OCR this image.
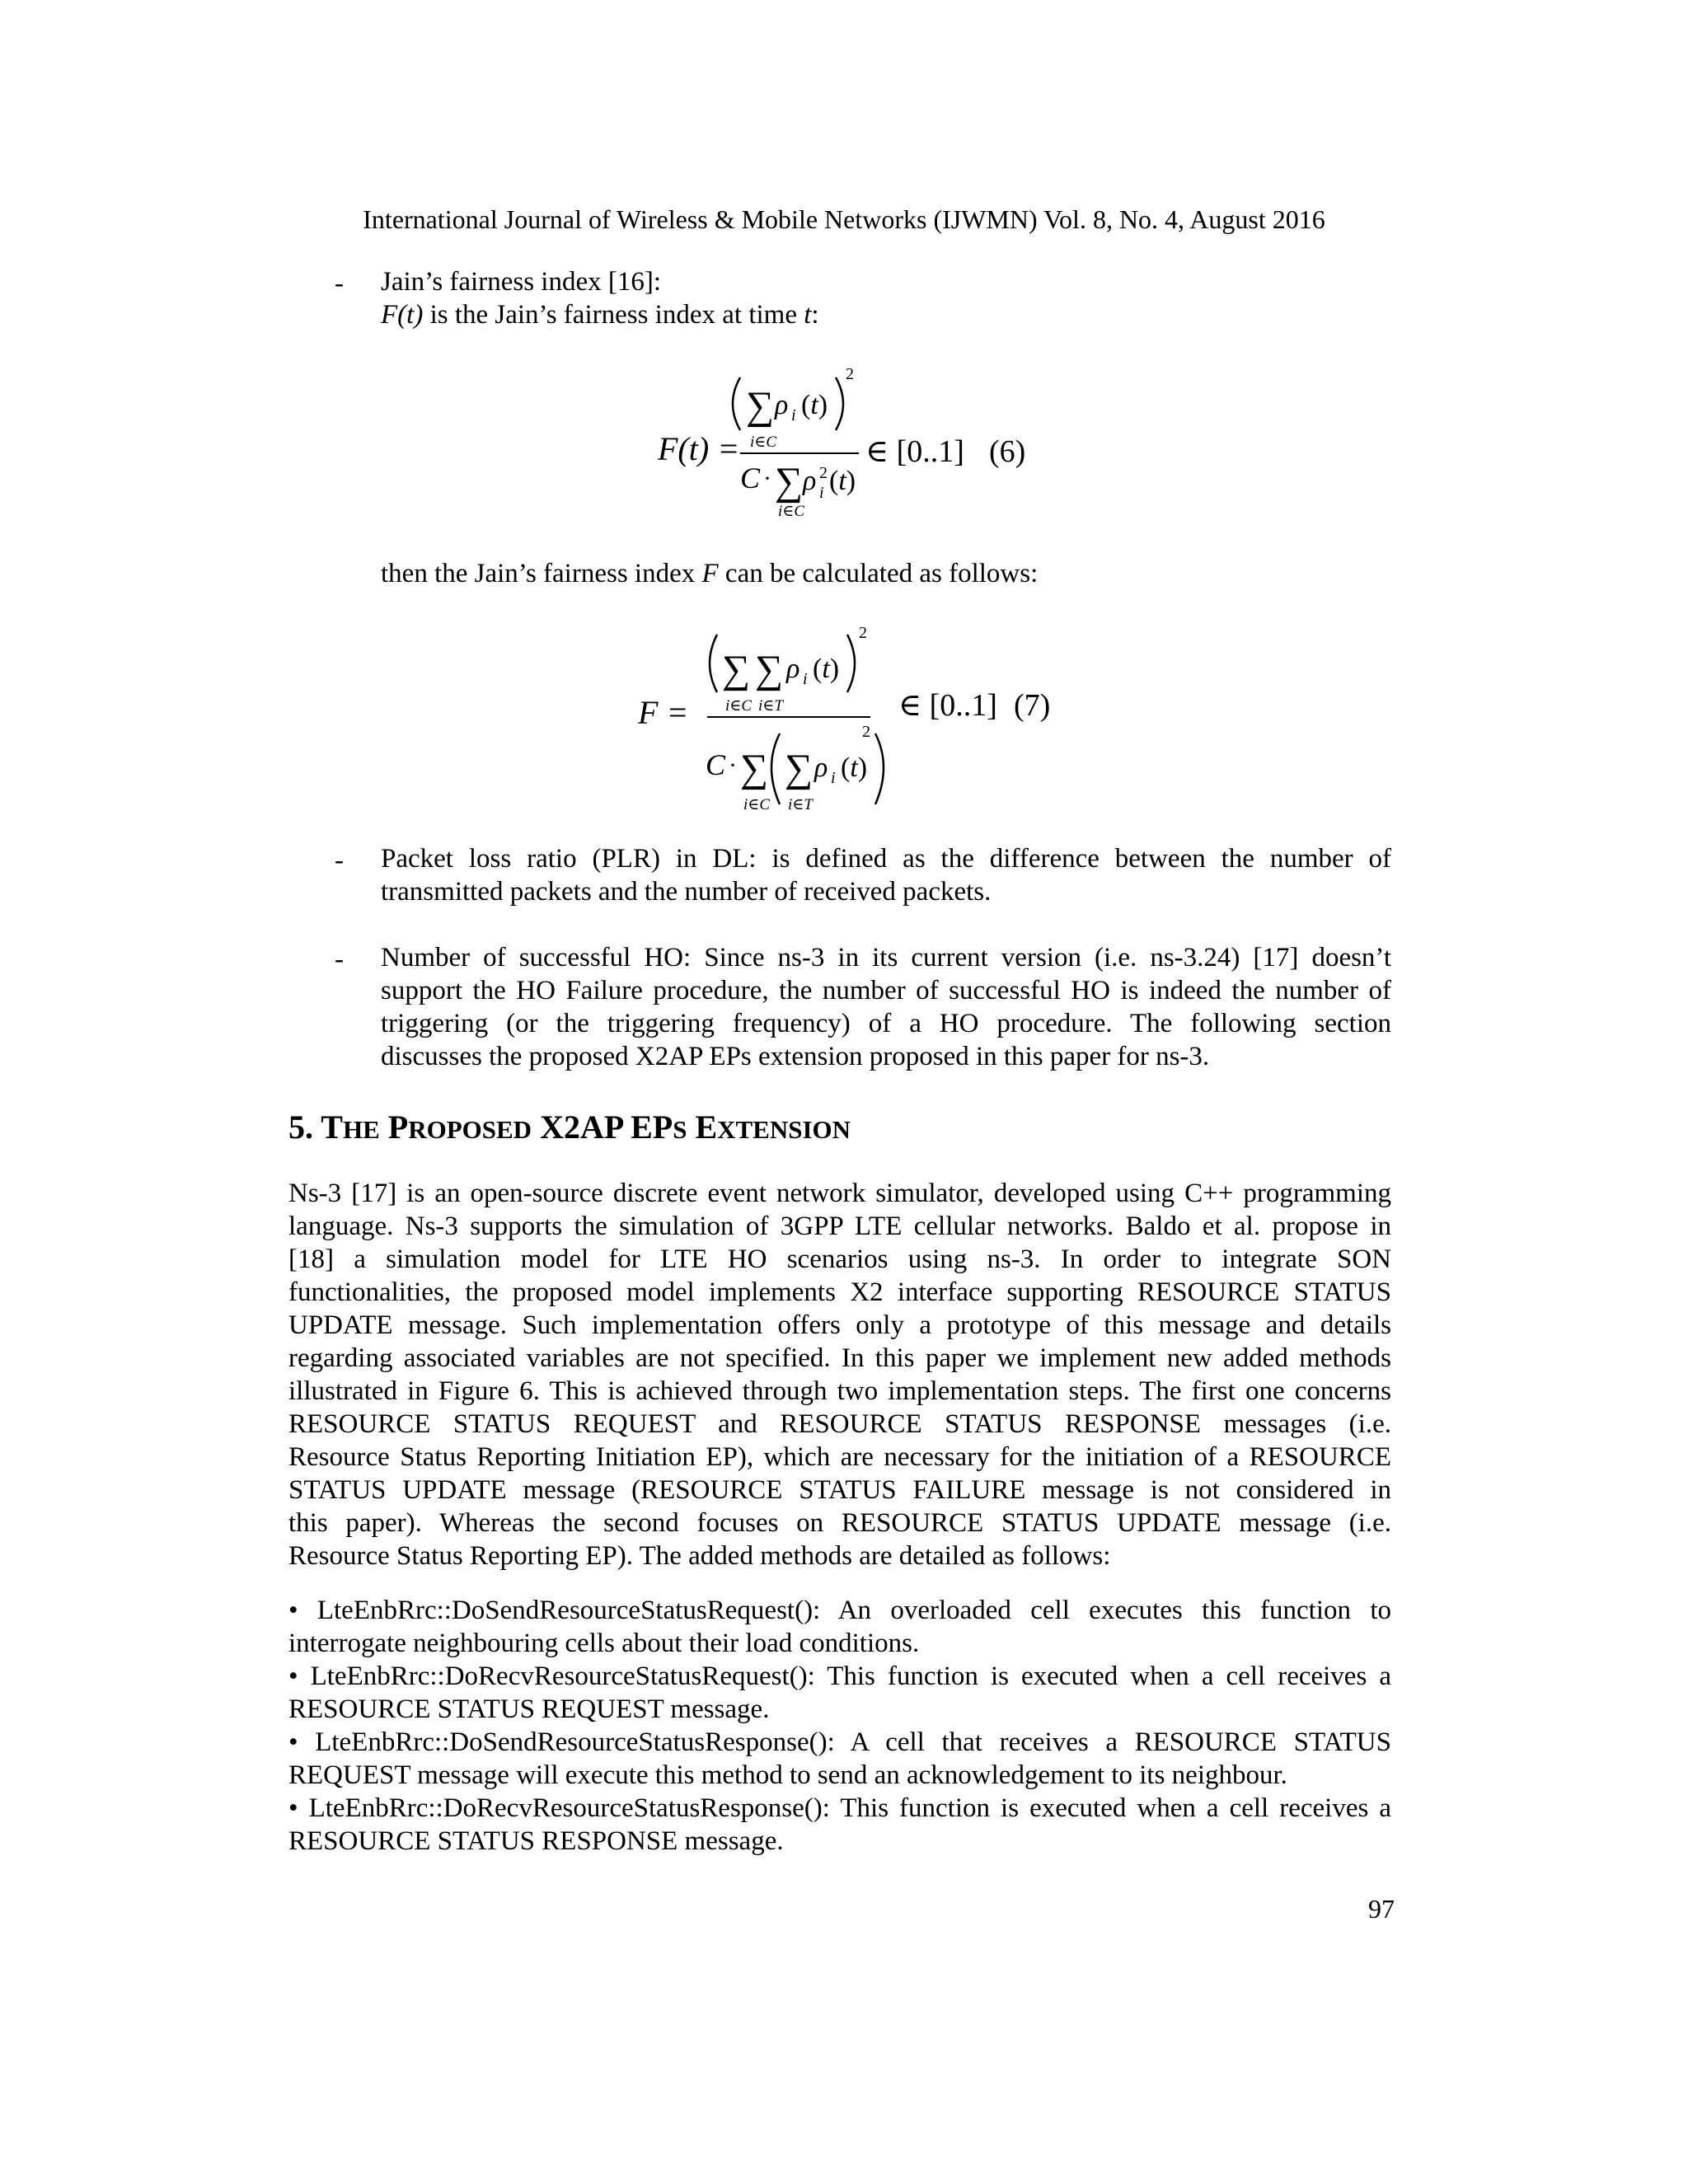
International Journal of Wireless & Mobile Networks (IJWMN) Vol. 8, No. 4, August 2016
- Jain’s fairness index [16]:
F(t) is the Jain’s fairness index at time t:
F(t) =
∑ ρ i (t)
2
i∈C
C · ∑ ρ 2
i (t)
i∈C
∈ [0..1] (6)
then the Jain’s fairness index F can be calculated as follows:
F =
∑ ∑ ρ i (t)
2
i∈C i∈T
C · ∑ ∑ ρ i (t)
2
i∈C i∈T
∈ [0..1] (7)
- Packet loss ratio (PLR) in DL: is defined as the difference between the number of
transmitted packets and the number of received packets.
- Number of successful HO: Since ns-3 in its current version (i.e. ns-3.24) [17] doesn’t
support the HO Failure procedure, the number of successful HO is indeed the number of
triggering (or the triggering frequency) of a HO procedure. The following section
discusses the proposed X2AP EPs extension proposed in this paper for ns-3.
5. THE PROPOSED X2AP EPS EXTENSION
Ns-3 [17] is an open-source discrete event network simulator, developed using C++ programming
language. Ns-3 supports the simulation of 3GPP LTE cellular networks. Baldo et al. propose in
[18] a simulation model for LTE HO scenarios using ns-3. In order to integrate SON
functionalities, the proposed model implements X2 interface supporting RESOURCE STATUS
UPDATE message. Such implementation offers only a prototype of this message and details
regarding associated variables are not specified. In this paper we implement new added methods
illustrated in Figure 6. This is achieved through two implementation steps. The first one concerns
RESOURCE STATUS REQUEST and RESOURCE STATUS RESPONSE messages (i.e.
Resource Status Reporting Initiation EP), which are necessary for the initiation of a RESOURCE
STATUS UPDATE message (RESOURCE STATUS FAILURE message is not considered in
this paper). Whereas the second focuses on RESOURCE STATUS UPDATE message (i.e.
Resource Status Reporting EP). The added methods are detailed as follows:
• LteEnbRrc::DoSendResourceStatusRequest(): An overloaded cell executes this function to
interrogate neighbouring cells about their load conditions.
• LteEnbRrc::DoRecvResourceStatusRequest(): This function is executed when a cell receives a
RESOURCE STATUS REQUEST message.
• LteEnbRrc::DoSendResourceStatusResponse(): A cell that receives a RESOURCE STATUS
REQUEST message will execute this method to send an acknowledgement to its neighbour.
• LteEnbRrc::DoRecvResourceStatusResponse(): This function is executed when a cell receives a
RESOURCE STATUS RESPONSE message.
97
